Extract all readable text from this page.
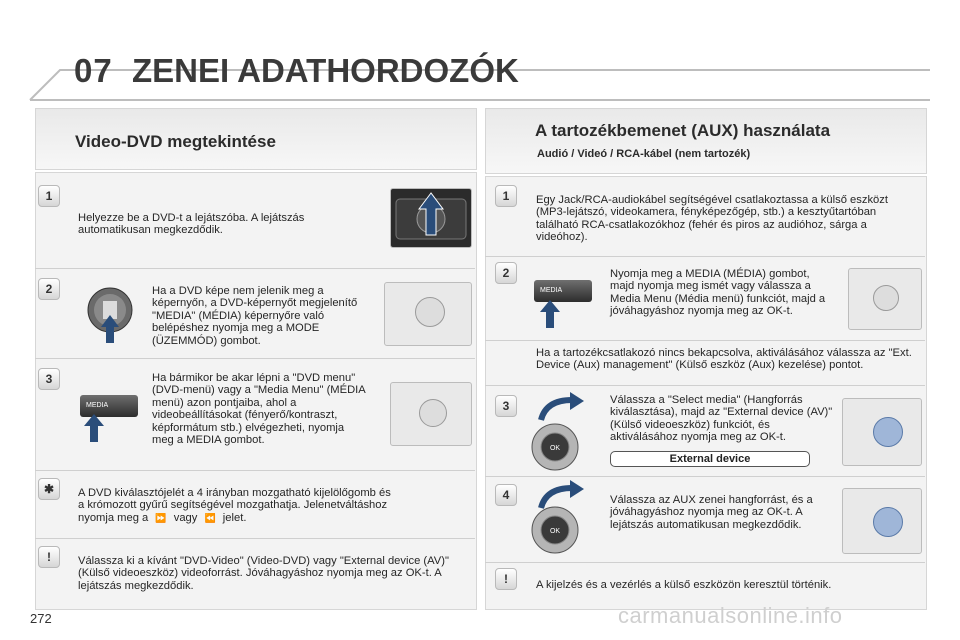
07 ZENEI ADATHORDOZÓK
Video-DVD megtekintése
1
Helyezze be a DVD-t a lejátszóba. A lejátszás automatikusan megkezdődik.
2	Ha a DVD képe nem jelenik meg a képernyőn, a DVD-képernyőt megjelenítő "MEDIA" (MÉDIA) képernyőre való belépéshez nyomja meg a MODE (ÜZEMMÓD) gombot.
3
MEDIA
Ha bármikor be akar lépni a "DVD menu" (DVD-menü) vagy a "Media Menu" (MÉDIA menü) azon pontjaiba, ahol a videobeállításokat (fényerő/kontraszt, képformátum stb.) elvégezheti, nyomja meg a MEDIA gombot.
✱	A DVD kiválasztójelét a 4 irányban mozgatható kijelölőgomb és
a krómozott gyűrű segítségével mozgathatja. Jelenetváltáshoz
nyomja meg a ⏩ vagy ⏪ jelet.
!	Válassza ki a kívánt "DVD-Video" (Video-DVD) vagy "External device (AV)" (Külső videoeszköz) videoforrást. Jóváhagyáshoz nyomja meg az OK-t. A lejátszás megkezdődik.
A tartozékbemenet (AUX) használata
Audió / Videó / RCA-kábel (nem tartozék)
1	Egy Jack/RCA-audiokábel segítségével csatlakoztassa a külső eszközt (MP3-lejátszó, videokamera, fényképezőgép, stb.) a kesztyűtartóban található RCA-csatlakozókhoz (fehér és piros az audióhoz, sárga a videóhoz).
2
MEDIA
Nyomja meg a MEDIA (MÉDIA) gombot, majd nyomja meg ismét vagy válassza a Media Menu (Média menü) funkciót, majd a jóváhagyáshoz nyomja meg az OK-t.
Ha a tartozékcsatlakozó nincs bekapcsolva, aktiválásához válassza az "Ext. Device (Aux) management" (Külső eszköz (Aux) kezelése) pontot.
3
OK
Válassza a "Select media" (Hangforrás kiválasztása), majd az "External device (AV)" (Külső videoeszköz) funkciót, és aktiválásához nyomja meg az OK-t.
External device
4
OK
Válassza az AUX zenei hangforrást, és a jóváhagyáshoz nyomja meg az OK-t. A lejátszás automatikusan megkezdődik.
!	A kijelzés és a vezérlés a külső eszközön keresztül történik.
272	carmanualsonline.info
